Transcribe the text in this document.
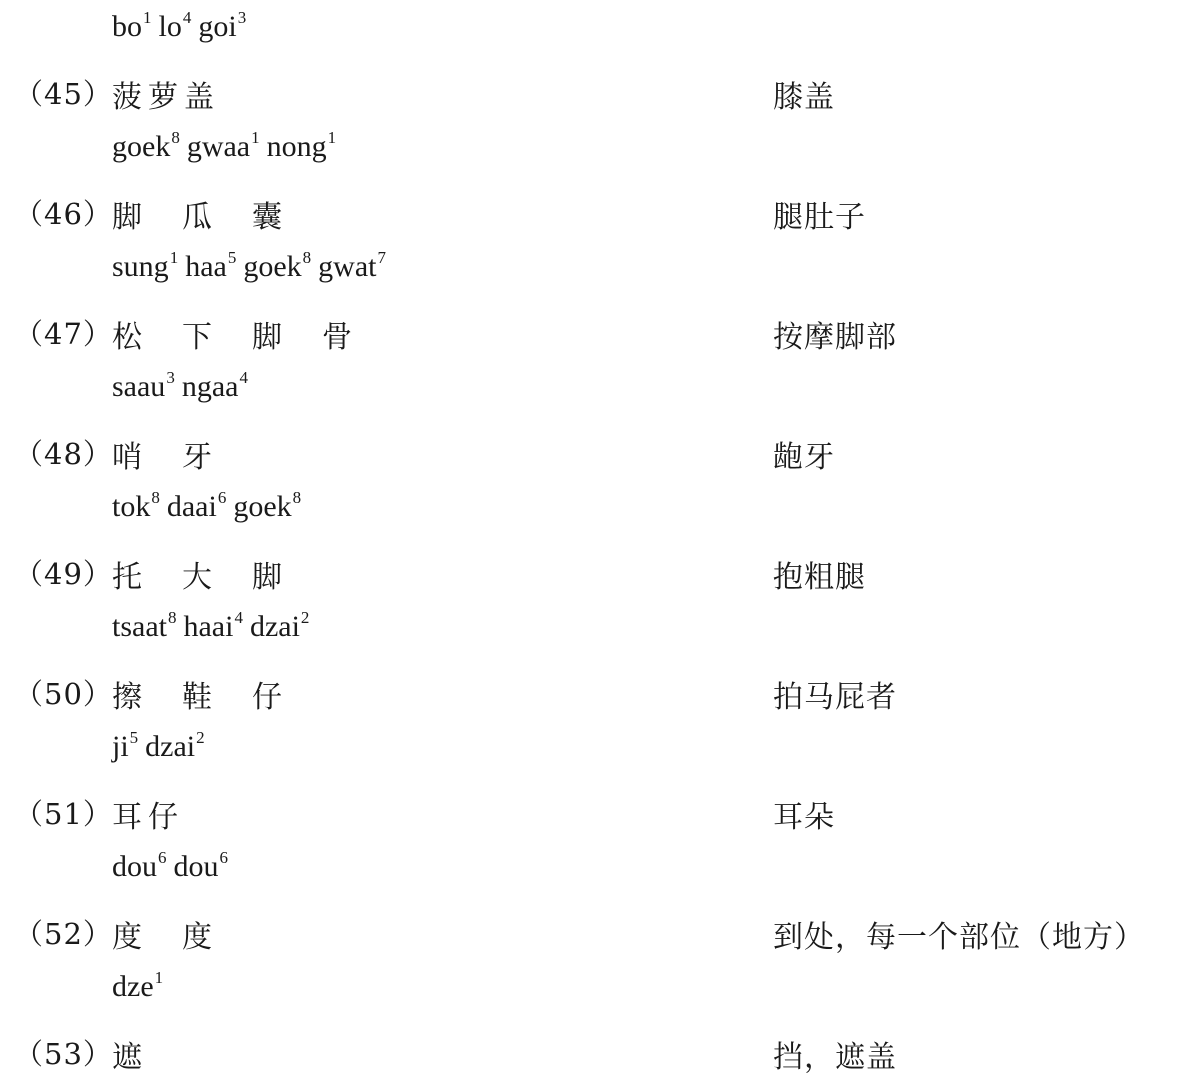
$bo^1$ $lo^4$ goi$^3$
（45） 菠 萝 盖	膝盖
goek$^8$ gwaa$^1$ nong$^1$
（46） 脚 瓜 囊	腿肚子
sung$^1$ haa$^5$ goek$^8$ gwat$^7$
（47） 松 下 脚 骨	按摩脚部
saau$^3$ ngaa$^4$
（48） 哨 牙	龅牙
tok$^8$ daai$^6$ goek$^8$
（49） 托 大 脚	抱粗腿
tsaat$^8$ haai$^4$ dzai$^2$
（50） 擦 鞋 仔	拍马屁者
$ji^5$ dzai$^2$
（51） 耳 仔	耳朵
dou$^6$ dou$^6$
（52） 度 度	到处，每一个部位（地方）
dze$^1$
（53） 遮	挡，遮盖
